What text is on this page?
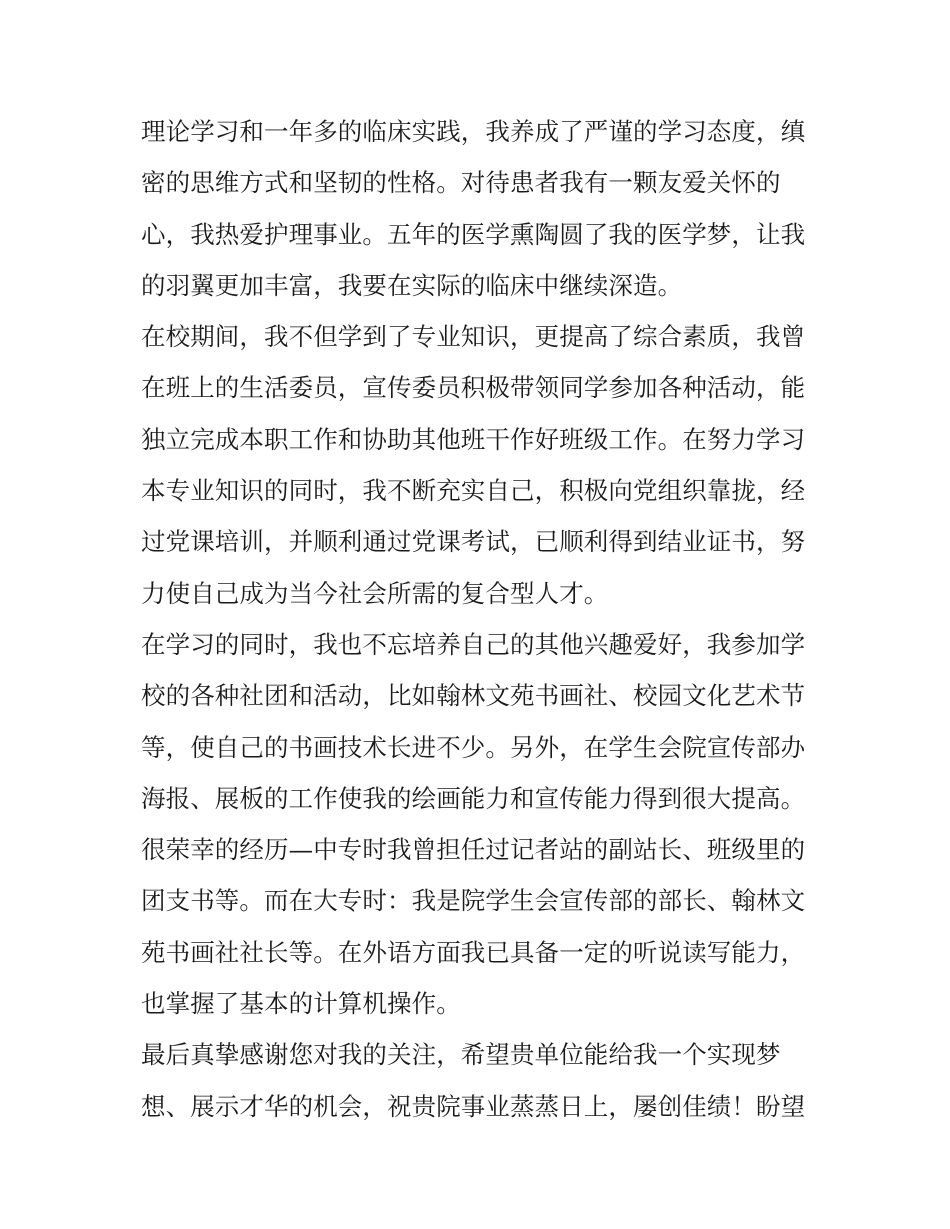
理论学习和一年多的临床实践，我养成了严谨的学习态度，缜
密的思维方式和坚韧的性格。对待患者我有一颗友爱关怀的
心，我热爱护理事业。五年的医学熏陶圆了我的医学梦，让我
的羽翼更加丰富，我要在实际的临床中继续深造。

在校期间，我不但学到了专业知识，更提高了综合素质，我曾
在班上的生活委员，宣传委员积极带领同学参加各种活动，能
独立完成本职工作和协助其他班干作好班级工作。在努力学习
本专业知识的同时，我不断充实自己，积极向党组织靠拢，经
过党课培训，并顺利通过党课考试，已顺利得到结业证书，努
力使自己成为当今社会所需的复合型人才。

在学习的同时，我也不忘培养自己的其他兴趣爱好，我参加学
校的各种社团和活动，比如翰林文苑书画社、校园文化艺术节
等，使自己的书画技术长进不少。另外，在学生会院宣传部办
海报、展板的工作使我的绘画能力和宣传能力得到很大提高。
很荣幸的经历—中专时我曾担任过记者站的副站长、班级里的
团支书等。而在大专时：我是院学生会宣传部的部长、翰林文
苑书画社社长等。在外语方面我已具备一定的听说读写能力，
也掌握了基本的计算机操作。

最后真挚感谢您对我的关注，希望贵单位能给我一个实现梦
想、展示才华的机会，祝贵院事业蒸蒸日上，屡创佳绩！盼望
